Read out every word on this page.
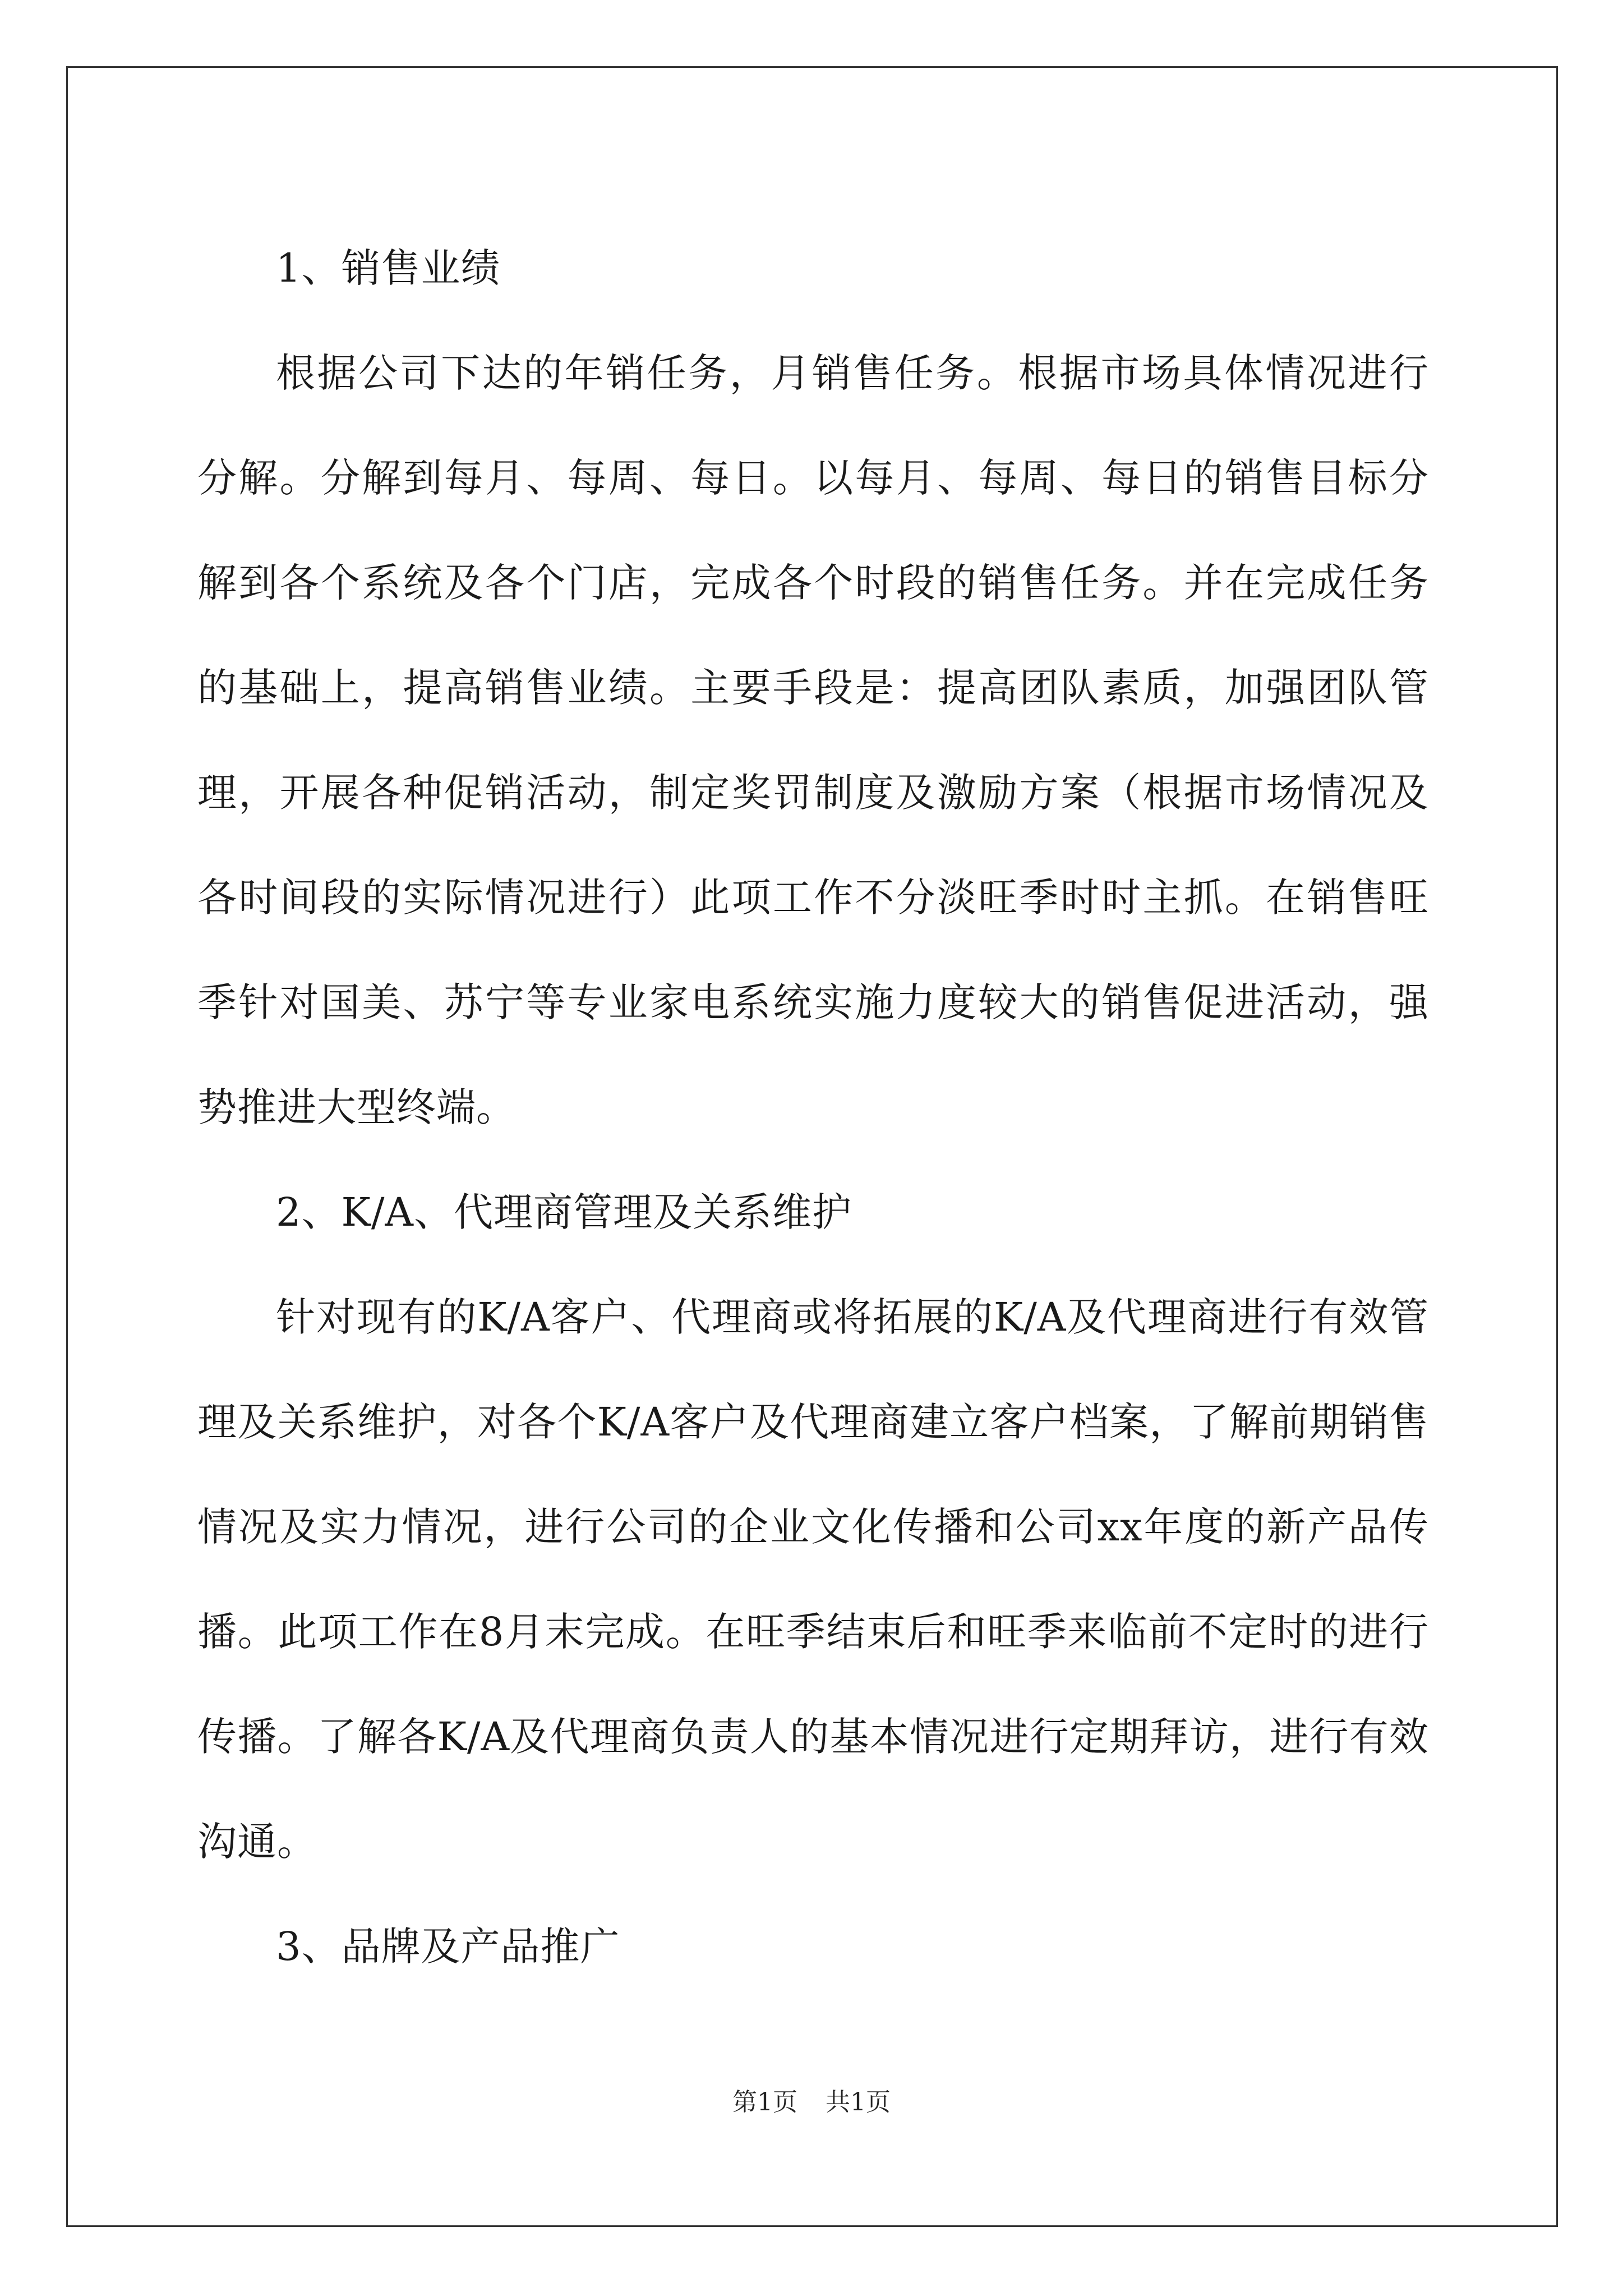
1、销售业绩

根据公司下达的年销任务，月销售任务。根据市场具体情况进行分解。分解到每月、每周、每日。以每月、每周、每日的销售目标分解到各个系统及各个门店，完成各个时段的销售任务。并在完成任务的基础上，提高销售业绩。主要手段是：提高团队素质，加强团队管理，开展各种促销活动，制定奖罚制度及激励方案（根据市场情况及各时间段的实际情况进行）此项工作不分淡旺季时时主抓。在销售旺季针对国美、苏宁等专业家电系统实施力度较大的销售促进活动，强势推进大型终端。

2、K/A、代理商管理及关系维护

针对现有的K/A客户、代理商或将拓展的K/A及代理商进行有效管理及关系维护，对各个K/A客户及代理商建立客户档案，了解前期销售情况及实力情况，进行公司的企业文化传播和公司xx年度的新产品传播。此项工作在8月末完成。在旺季结束后和旺季来临前不定时的进行传播。了解各K/A及代理商负责人的基本情况进行定期拜访，进行有效沟通。

3、品牌及产品推广

第1页 共1页
